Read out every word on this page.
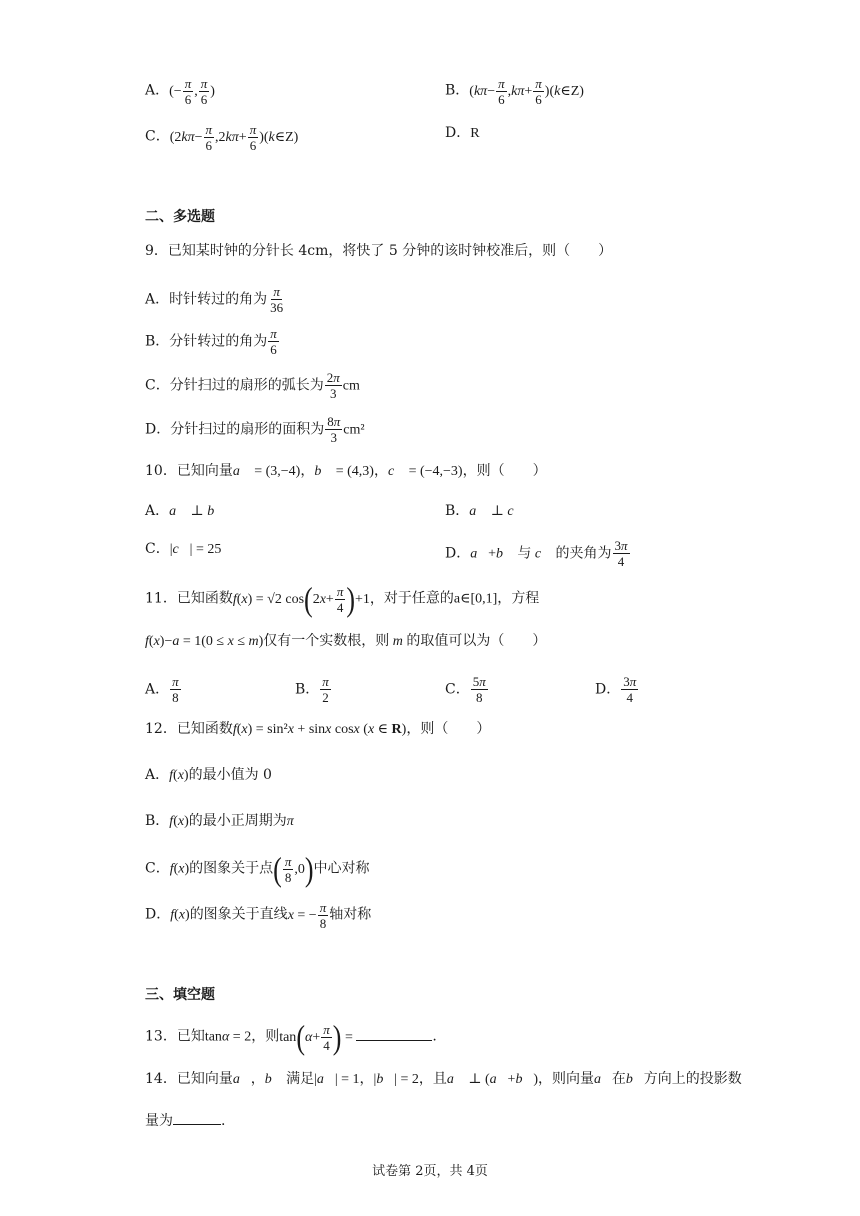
A．(− $\frac{\pi}{6}$ , $\frac{\pi}{6}$ )	B．($k\pi- \frac{\pi}{6} ,k\pi+ \frac{\pi}{6}$ )(k∈Z)
C．($2k\pi- \frac{\pi}{6} ,2k\pi+ \frac{\pi}{6}$ )(k∈Z)	D．R
二、多选题
9．已知某时钟的分针长 4cm，将快了 5 分钟的该时钟校准后，则（　　）
A．时针转过的角为 $\frac{\pi}{36}$
B．分针转过的角为 $\frac{\pi}{6}$
C．分针扫过的扇形的弧长为 $\frac{2\pi}{3}$ cm
D．分针扫过的扇形的面积为 $\frac{8\pi}{3} cm^2$
10．已知向量a⃗ = (3,−4)，b⃗ = (4,3)，c⃗ = (−4,−3)，则（　　）
A．a⃗ ⊥ b⃗	B．a⃗ ⊥ c⃗
C．|c⃗| = 25	D．a⃗+b⃗ 与 c⃗ 的夹角为 $\frac{3\pi}{4}$
11．已知函数f(x) = √2 $\cos(2x+ \frac{\pi}{4} )+1$，对于任意的a∈[0,1]，方程
f(x)−a = 1(0 ≤ x ≤ m)仅有一个实数根，则 m 的取值可以为（　　）
A． $\frac{\pi}{8}$	B． $\frac{\pi}{2}$	C． $\frac{5\pi}{8}$	D． $\frac{3\pi}{4}$
12．已知函数f(x) = sin²x + sinx cosx (x ∈ R)，则（　　）
A．f(x)的最小值为 0
B．f(x)的最小正周期为π
C．f(x)的图象关于点( $\frac{\pi}{8} ,0$)中心对称
D．f(x)的图象关于直线x = − $\frac{\pi}{8}$ 轴对称
三、填空题
13．已知tanα = 2，则$\tan(\alpha+ \frac{\pi}{4}$ ) =	.
14．已知向量a⃗，b⃗ 满足|a⃗| = 1，|b⃗| = 2，且a⃗ ⊥ (a⃗+b⃗)，则向量a⃗在b⃗方向上的投影数
量为	.
试卷第 2页，共 4页
